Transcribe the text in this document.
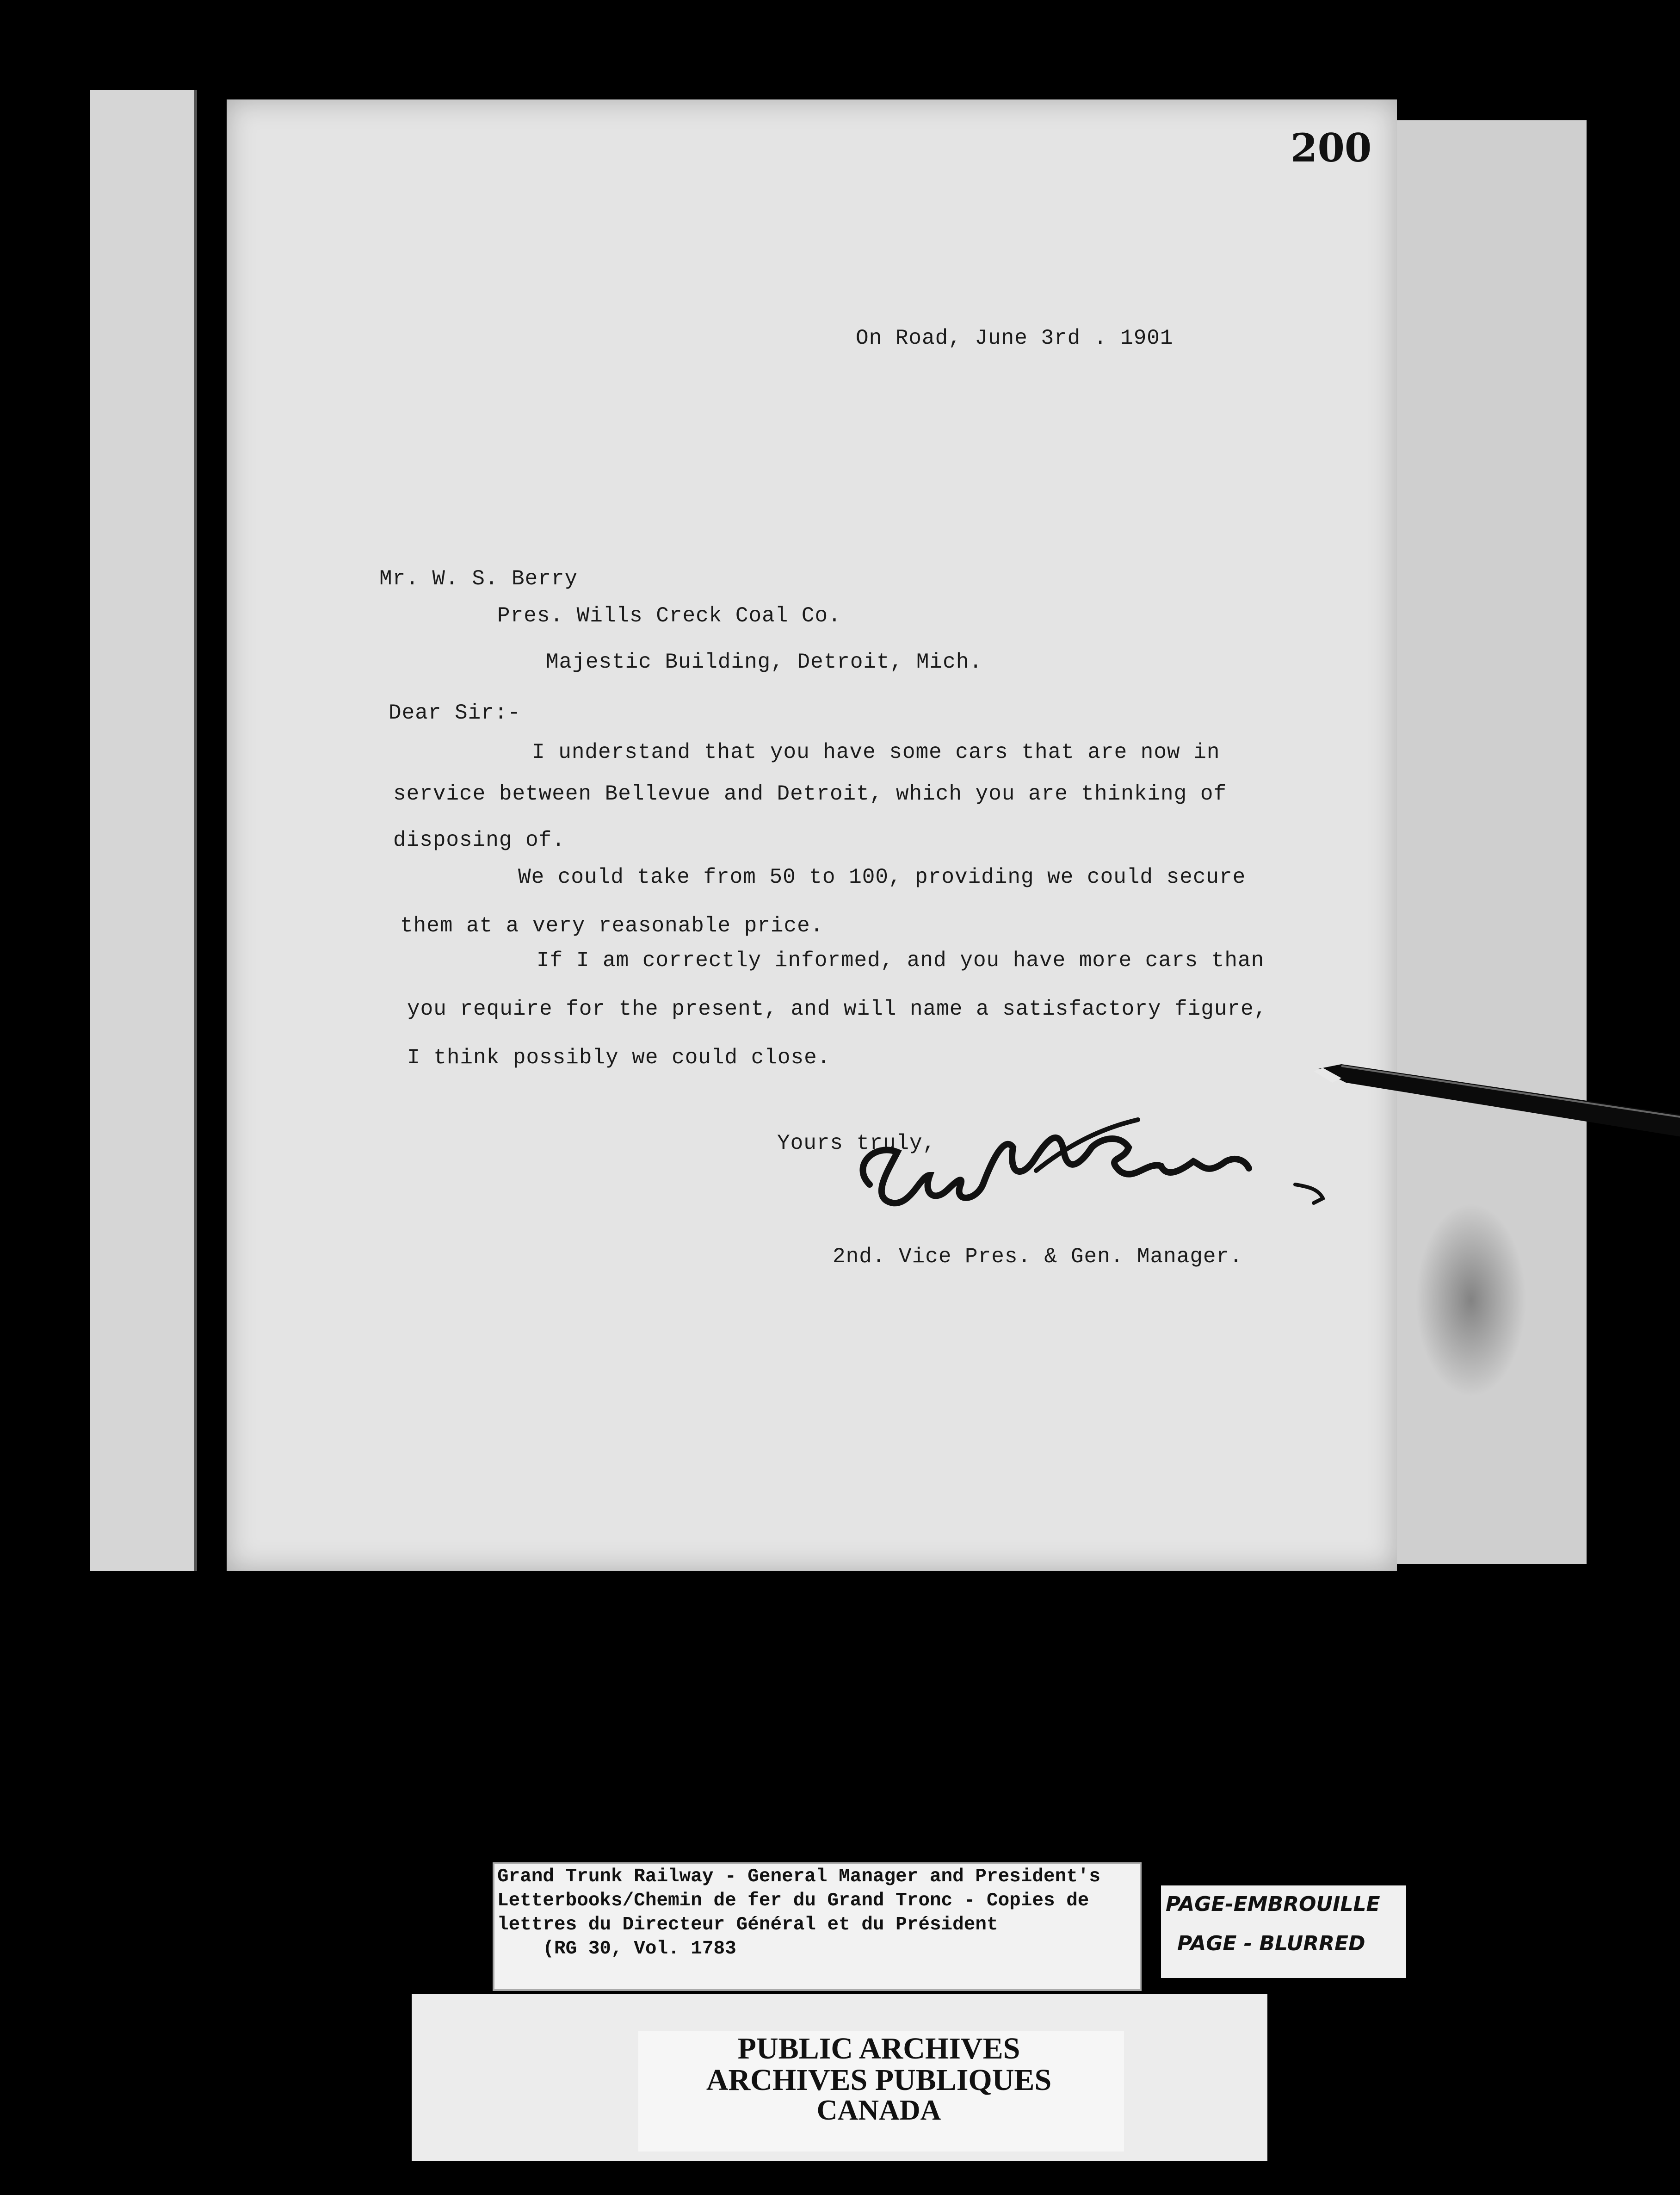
200
On Road, June 3rd . 1901
Mr. W. S. Berry
Pres. Wills Creck Coal Co.
Majestic Building, Detroit, Mich.
Dear Sir:-
I understand that you have some cars that are now in
service between Bellevue and Detroit, which you are thinking of
disposing of.
We could take from 50 to 100, providing we could secure
them at a very reasonable price.
If I am correctly informed, and you have more cars than
you require for the present, and will name a satisfactory figure,
I think possibly we could close.
Yours truly,
2nd. Vice Pres. & Gen. Manager.
Grand Trunk Railway - General Manager and President's
Letterbooks/Chemin de fer du Grand Tronc - Copies de
lettres du Directeur Général et du Président
(RG 30, Vol. 1783
PAGE-EMBROUILLE
PAGE - BLURRED
PUBLIC ARCHIVES
ARCHIVES PUBLIQUES
CANADA
